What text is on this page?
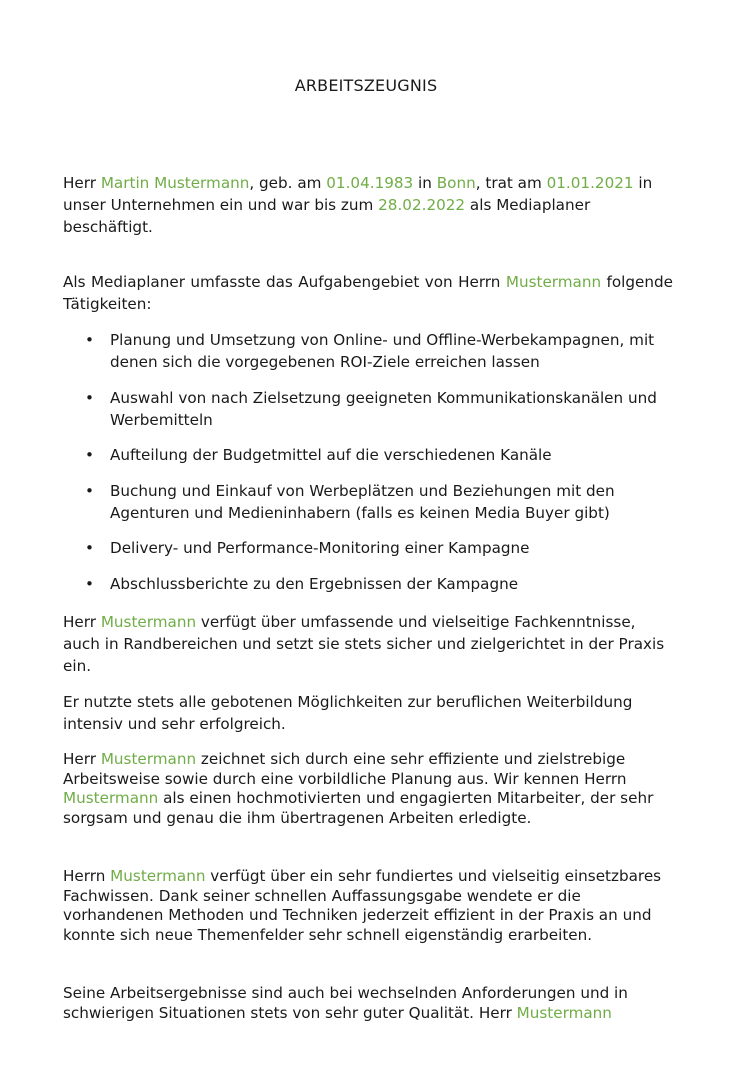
ARBEITSZEUGNIS

Herr Martin Mustermann, geb. am 01.04.1983 in Bonn, trat am 01.01.2021 in unser Unternehmen ein und war bis zum 28.02.2022 als Mediaplaner beschäftigt.

Als Mediaplaner umfasste das Aufgabengebiet von Herrn Mustermann folgende Tätigkeiten:

• Planung und Umsetzung von Online- und Offline-Werbekampagnen, mit denen sich die vorgegebenen ROI-Ziele erreichen lassen
• Auswahl von nach Zielsetzung geeigneten Kommunikationskanälen und Werbemitteln
• Aufteilung der Budgetmittel auf die verschiedenen Kanäle
• Buchung und Einkauf von Werbeplätzen und Beziehungen mit den Agenturen und Medieninhabern (falls es keinen Media Buyer gibt)
• Delivery- und Performance-Monitoring einer Kampagne
• Abschlussberichte zu den Ergebnissen der Kampagne

Herr Mustermann verfügt über umfassende und vielseitige Fachkenntnisse, auch in Randbereichen und setzt sie stets sicher und zielgerichtet in der Praxis ein.

Er nutzte stets alle gebotenen Möglichkeiten zur beruflichen Weiterbildung intensiv und sehr erfolgreich.

Herr Mustermann zeichnet sich durch eine sehr effiziente und zielstrebige Arbeitsweise sowie durch eine vorbildliche Planung aus. Wir kennen Herrn Mustermann als einen hochmotivierten und engagierten Mitarbeiter, der sehr sorgsam und genau die ihm übertragenen Arbeiten erledigte.

Herrn Mustermann verfügt über ein sehr fundiertes und vielseitig einsetzbares Fachwissen. Dank seiner schnellen Auffassungsgabe wendete er die vorhandenen Methoden und Techniken jederzeit effizient in der Praxis an und konnte sich neue Themenfelder sehr schnell eigenständig erarbeiten.

Seine Arbeitsergebnisse sind auch bei wechselnden Anforderungen und in schwierigen Situationen stets von sehr guter Qualität. Herr Mustermann
